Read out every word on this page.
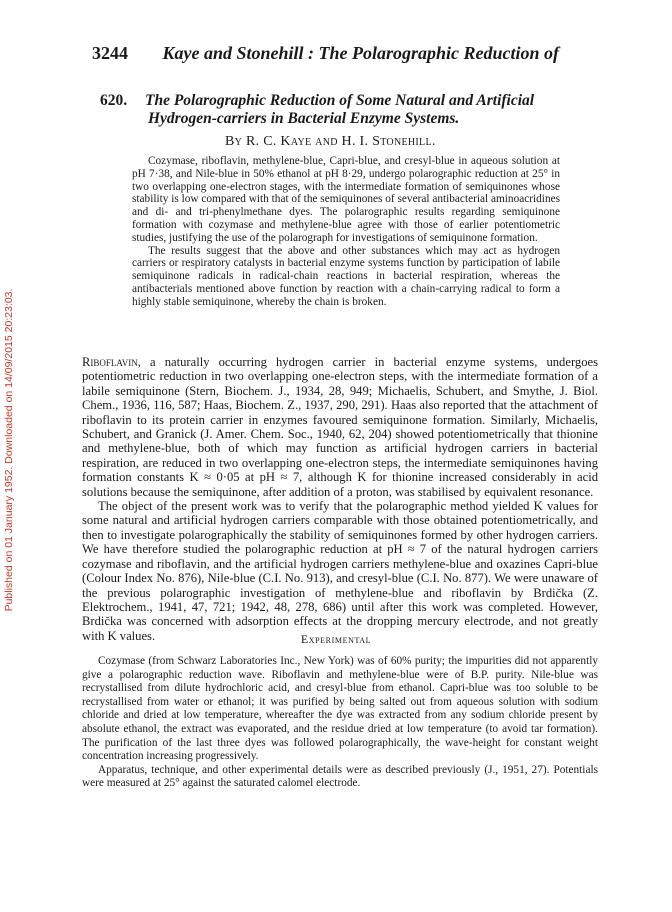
3244 Kaye and Stonehill : The Polarographic Reduction of
Published on 01 January 1952. Downloaded on 14/09/2015 20:23:03.
620. The Polarographic Reduction of Some Natural and Artificial
Hydrogen-carriers in Bacterial Enzyme Systems.
By R. C. Kaye and H. I. Stonehill.

Cozymase, riboflavin, methylene-blue, Capri-blue, and cresyl-blue in aqueous solution at pH 7·38, and Nile-blue in 50% ethanol at pH 8·29, undergo polarographic reduction at 25° in two overlapping one-electron stages, with the intermediate formation of semiquinones whose stability is low compared with that of the semiquinones of several antibacterial aminoacridines and di- and tri-phenylmethane dyes. The polarographic results regarding semiquinone formation with cozymase and methylene-blue agree with those of earlier potentiometric studies, justifying the use of the polarograph for investigations of semiquinone formation.

The results suggest that the above and other substances which may act as hydrogen carriers or respiratory catalysts in bacterial enzyme systems function by participation of labile semiquinone radicals in radical-chain reactions in bacterial respiration, whereas the antibacterials mentioned above function by reaction with a chain-carrying radical to form a highly stable semiquinone, whereby the chain is broken.

Riboflavin, a naturally occurring hydrogen carrier in bacterial enzyme systems, undergoes potentiometric reduction in two overlapping one-electron steps, with the intermediate formation of a labile semiquinone (Stern, Biochem. J., 1934, 28, 949; Michaelis, Schubert, and Smythe, J. Biol. Chem., 1936, 116, 587; Haas, Biochem. Z., 1937, 290, 291). Haas also reported that the attachment of riboflavin to its protein carrier in enzymes favoured semiquinone formation. Similarly, Michaelis, Schubert, and Granick (J. Amer. Chem. Soc., 1940, 62, 204) showed potentiometrically that thionine and methylene-blue, both of which may function as artificial hydrogen carriers in bacterial respiration, are reduced in two overlapping one-electron steps, the intermediate semiquinones having formation constants K ≈ 0·05 at pH ≈ 7, although K for thionine increased considerably in acid solutions because the semiquinone, after addition of a proton, was stabilised by equivalent resonance.

The object of the present work was to verify that the polarographic method yielded K values for some natural and artificial hydrogen carriers comparable with those obtained potentiometrically, and then to investigate polarographically the stability of semiquinones formed by other hydrogen carriers. We have therefore studied the polarographic reduction at pH ≈ 7 of the natural hydrogen carriers cozymase and riboflavin, and the artificial hydrogen carriers methylene-blue and oxazines Capri-blue (Colour Index No. 876), Nile-blue (C.I. No. 913), and cresyl-blue (C.I. No. 877). We were unaware of the previous polarographic investigation of methylene-blue and riboflavin by Brdička (Z. Elektrochem., 1941, 47, 721; 1942, 48, 278, 686) until after this work was completed. However, Brdička was concerned with adsorption effects at the dropping mercury electrode, and not greatly with K values.	Experimental

Cozymase (from Schwarz Laboratories Inc., New York) was of 60% purity; the impurities did not apparently give a polarographic reduction wave. Riboflavin and methylene-blue were of B.P. purity. Nile-blue was recrystallised from dilute hydrochloric acid, and cresyl-blue from ethanol. Capri-blue was too soluble to be recrystallised from water or ethanol; it was purified by being salted out from aqueous solution with sodium chloride and dried at low temperature, whereafter the dye was extracted from any sodium chloride present by absolute ethanol, the extract was evaporated, and the residue dried at low temperature (to avoid tar formation). The purification of the last three dyes was followed polarographically, the wave-height for constant weight concentration increasing progressively.

Apparatus, technique, and other experimental details were as described previously (J., 1951, 27). Potentials were measured at 25° against the saturated calomel electrode.
